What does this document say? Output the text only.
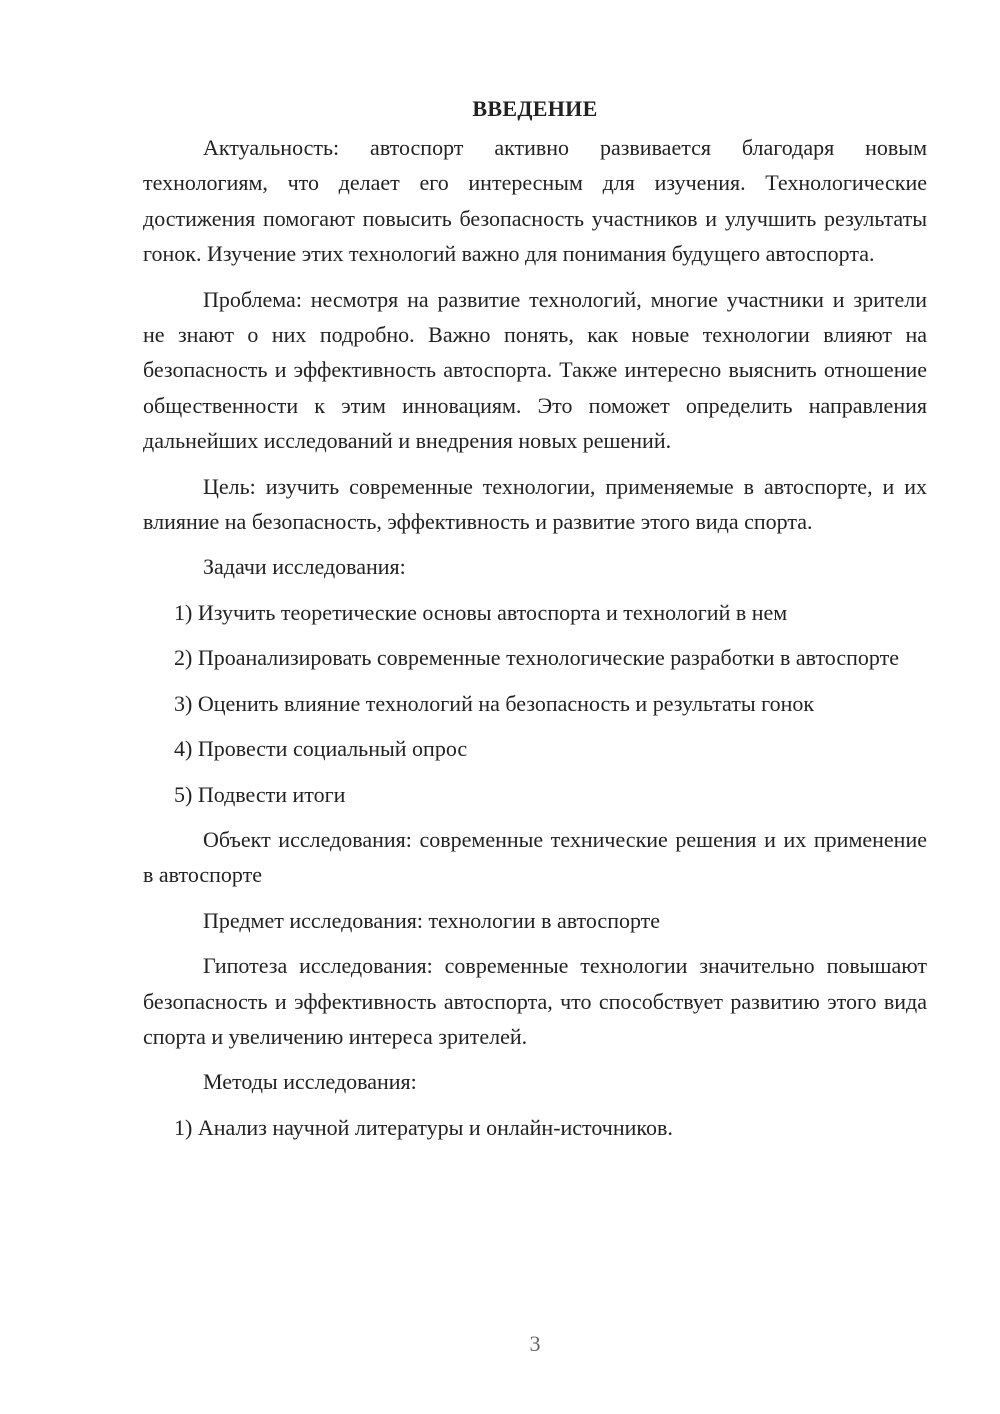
ВВЕДЕНИЕ

Актуальность: автоспорт активно развивается благодаря новым технологиям, что делает его интересным для изучения. Технологические достижения помогают повысить безопасность участников и улучшить результаты гонок. Изучение этих технологий важно для понимания будущего автоспорта.

Проблема: несмотря на развитие технологий, многие участники и зрители не знают о них подробно. Важно понять, как новые технологии влияют на безопасность и эффективность автоспорта. Также интересно выяснить отношение общественности к этим инновациям. Это поможет определить направления дальнейших исследований и внедрения новых решений.

Цель: изучить современные технологии, применяемые в автоспорте, и их влияние на безопасность, эффективность и развитие этого вида спорта.

Задачи исследования:

1) Изучить теоретические основы автоспорта и технологий в нем

2) Проанализировать современные технологические разработки в автоспорте

3) Оценить влияние технологий на безопасность и результаты гонок

4) Провести социальный опрос

5) Подвести итоги

Объект исследования: современные технические решения и их применение в автоспорте

Предмет исследования: технологии в автоспорте

Гипотеза исследования: современные технологии значительно повышают безопасность и эффективность автоспорта, что способствует развитию этого вида спорта и увеличению интереса зрителей.

Методы исследования:

1) Анализ научной литературы и онлайн-источников.

3
